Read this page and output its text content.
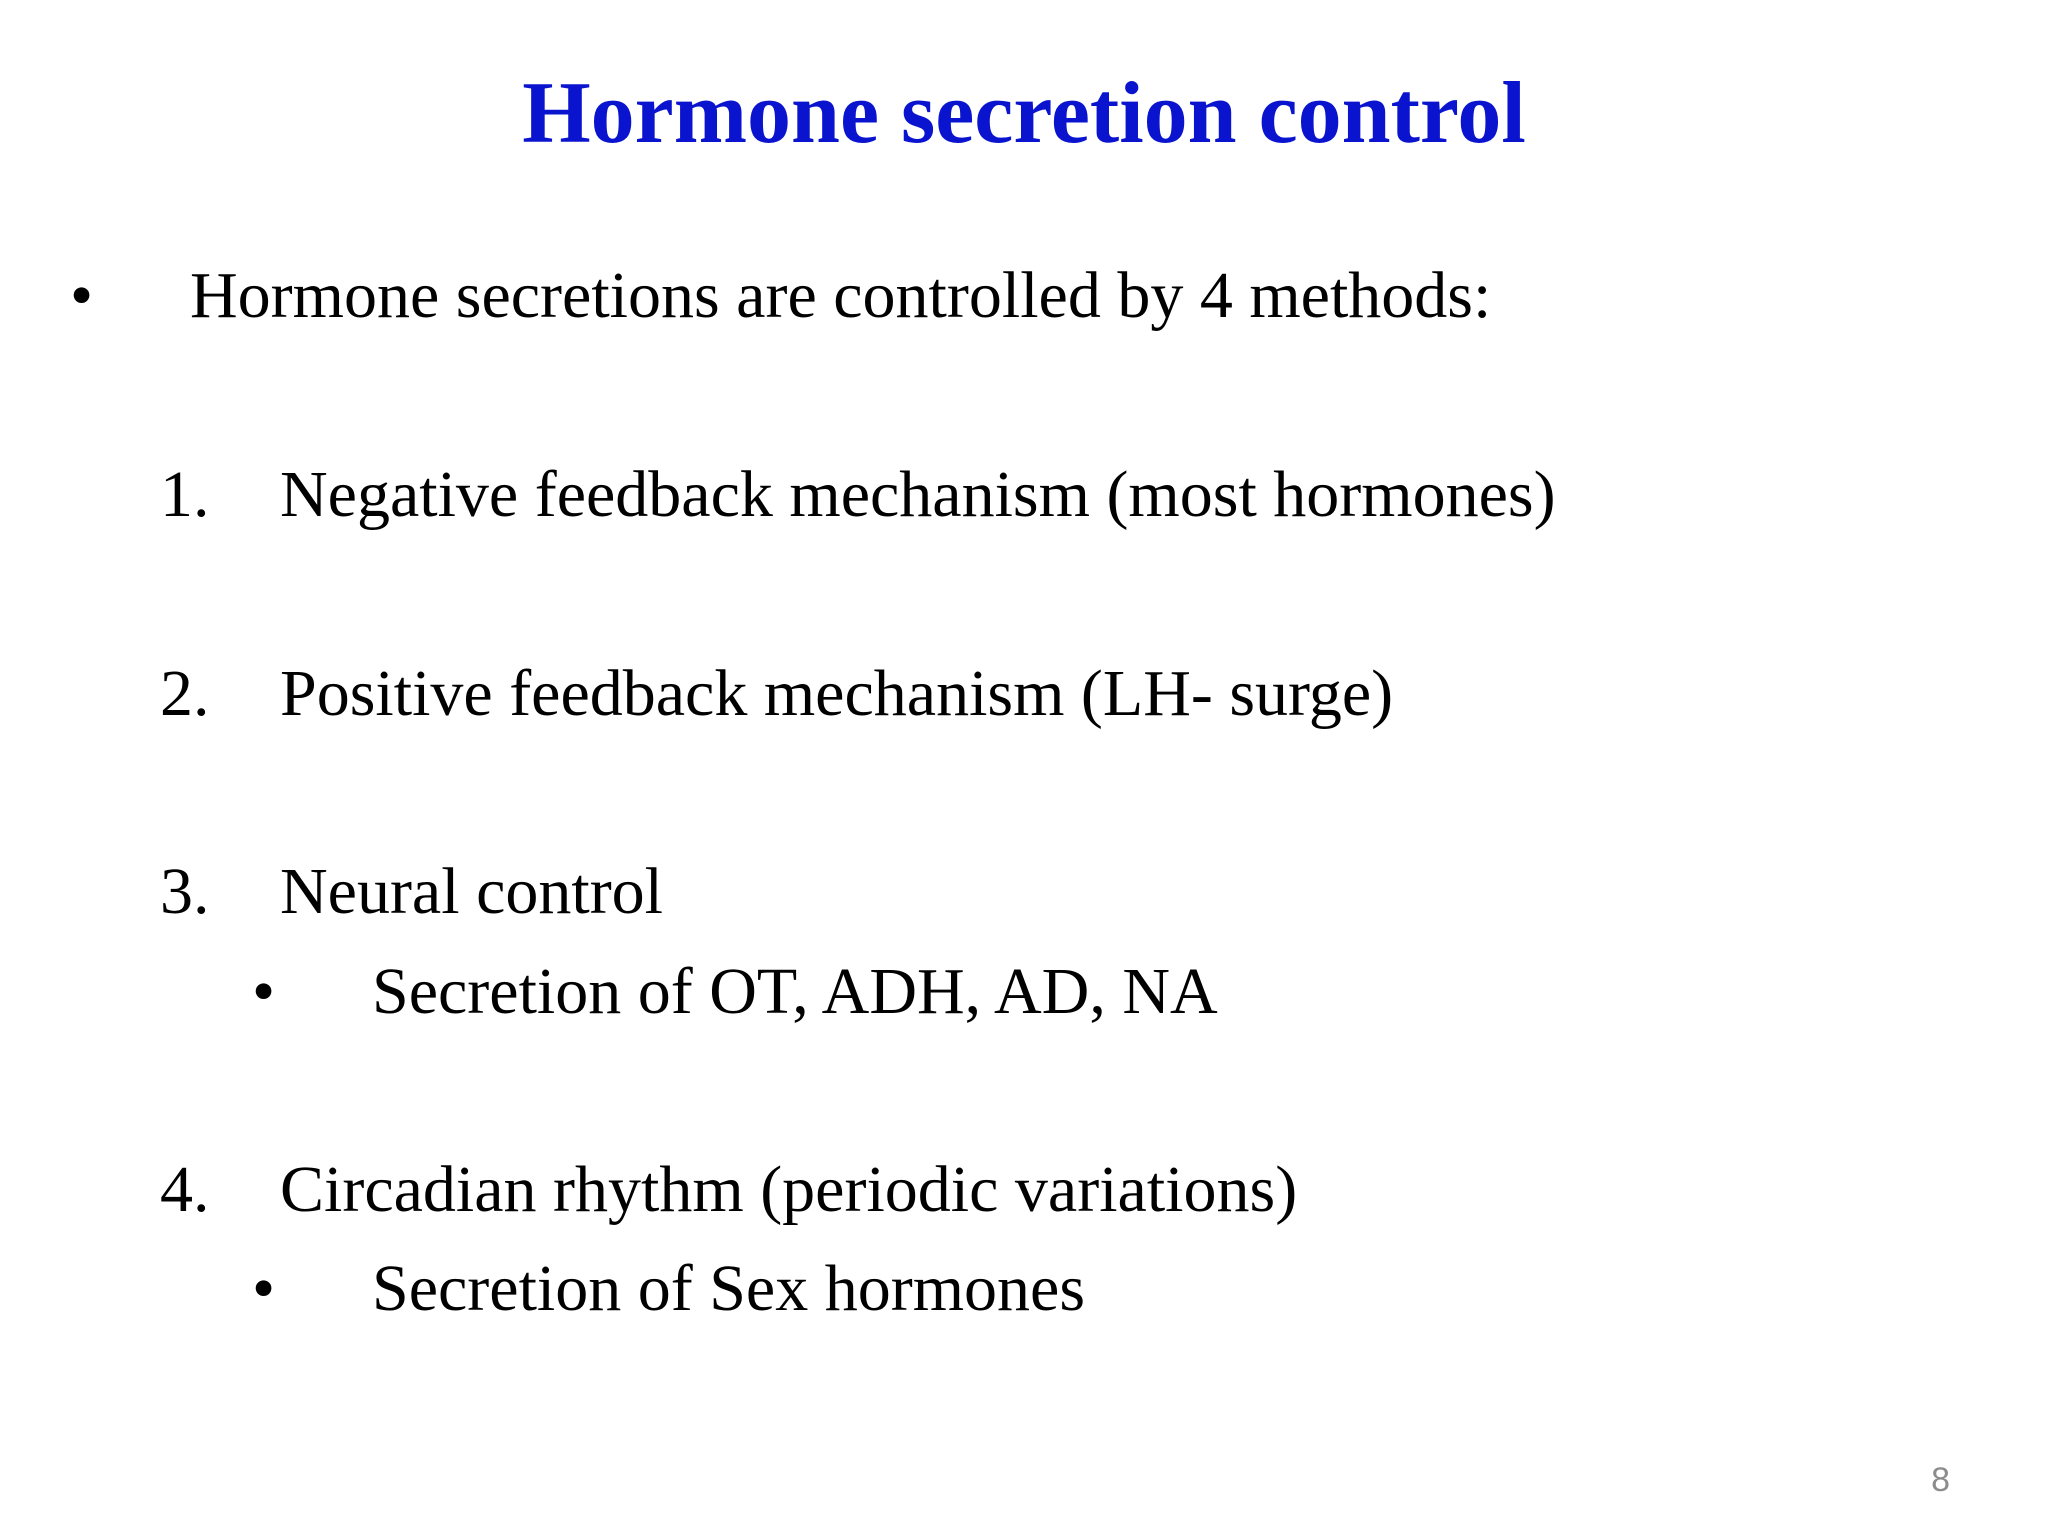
Hormone secretion control
• Hormone secretions are controlled by 4 methods:
1. Negative feedback mechanism (most hormones)
2. Positive feedback mechanism (LH- surge)
3. Neural control
• Secretion of OT, ADH, AD, NA
4. Circadian rhythm (periodic variations)
• Secretion of Sex hormones
8
